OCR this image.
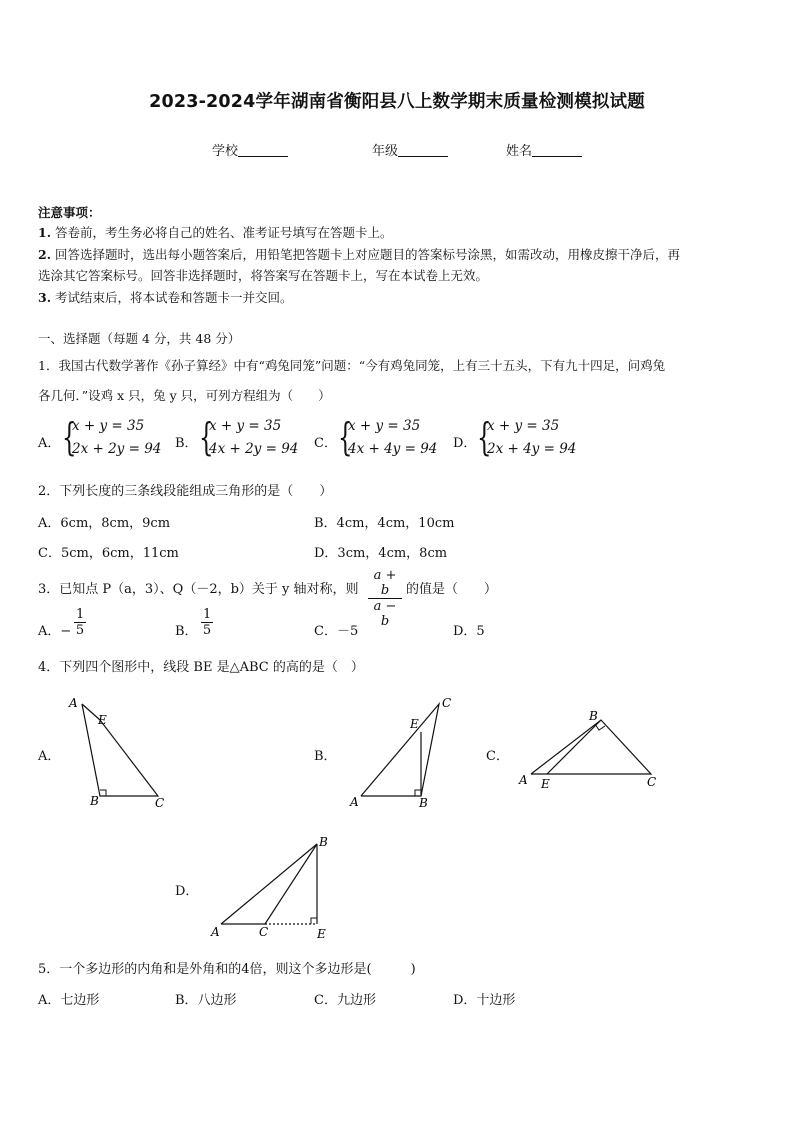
2023-2024学年湖南省衡阳县八上数学期末质量检测模拟试题
学校	年级	姓名
注意事项：
1. 答卷前，考生务必将自己的姓名、准考证号填写在答题卡上。
2. 回答选择题时，选出每小题答案后，用铅笔把答题卡上对应题目的答案标号涂黑，如需改动，用橡皮擦干净后，再
选涂其它答案标号。回答非选择题时，将答案写在答题卡上，写在本试卷上无效。
3. 考试结束后，将本试卷和答题卡一并交回。
一、选择题（每题 4 分，共 48 分）
1．我国古代数学著作《孙子算经》中有“鸡兔同笼”问题：“今有鸡兔同笼，上有三十五头，下有九十四足，问鸡兔
各几何．”设鸡 x 只，兔 y 只，可列方程组为（　　）
A． {
x + y = 35
2x + 2y = 94 B． {
x + y = 35
4x + 2y = 94 C． {
x + y = 35
4x + 4y = 94 D． {
x + y = 35
2x + 4y = 94
2．下列长度的三条线段能组成三角形的是（　　）
A．6cm，8cm，9cm	B．4cm，4cm，10cm
C．5cm，6cm，11cm	D．3cm，4cm，8cm
3．已知点 P（a，3）、Q（－2，b）关于 y 轴对称，则 $\frac{a + b}{a - b}$ 的值是（　　）
A．− $\frac{1}{5}$	B． $\frac{1}{5}$	C．－5	D．5
4．下列四个图形中，线段 BE 是△ABC 的高的是（　）
A．
A
E
B	C
B．
A
E
B
C
C．
A E
B
C
D．
A	C
B
E
5．一个多边形的内角和是外角和的4倍，则这个多边形是(　　　)
A．七边形	B．八边形	C．九边形	D．十边形
